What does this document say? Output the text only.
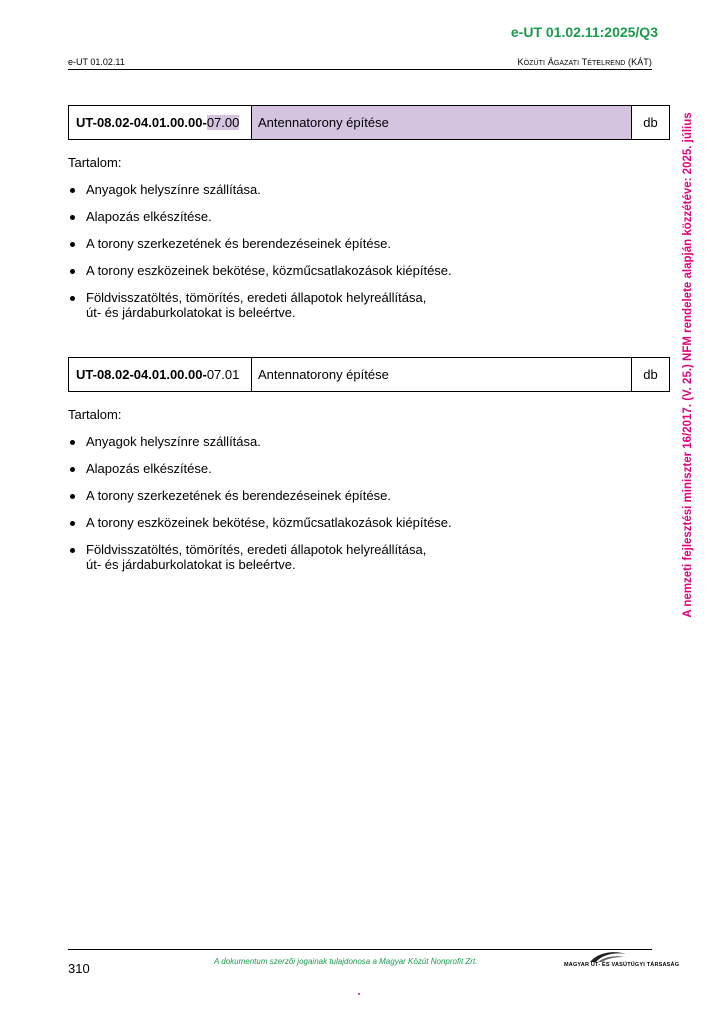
e-UT 01.02.11:2025/Q3
e-UT 01.02.11	KÖZÚTI ÁGAZATI TÉTELREND (KÁT)
A nemzeti fejlesztési miniszter 16/2017. (V. 25.) NFM rendelete alapján közzétéve: 2025. július
UT-08.02-04.01.00.00- 07.00	Antennatorony építése	db
Tartalom:
Anyagok helyszínre szállítása.
Alapozás elkészítése.
A torony szerkezetének és berendezéseinek építése.
A torony eszközeinek bekötése, közműcsatlakozások kiépítése.
Földvisszatöltés, tömörítés, eredeti állapotok helyreállítása,
út- és járdaburkolatokat is beleértve.
UT-08.02-04.01.00.00- 07.01	Antennatorony építése	db
Tartalom:
Anyagok helyszínre szállítása.
Alapozás elkészítése.
A torony szerkezetének és berendezéseinek építése.
A torony eszközeinek bekötése, közműcsatlakozások kiépítése.
Földvisszatöltés, tömörítés, eredeti állapotok helyreállítása,
út- és járdaburkolatokat is beleértve.
310	A dokumentum szerzői jogainak tulajdonosa a Magyar Közút Nonprofit Zrt.	MAGYAR ÚT- ÉS VASÚTÜGYI TÁRSASÁG
